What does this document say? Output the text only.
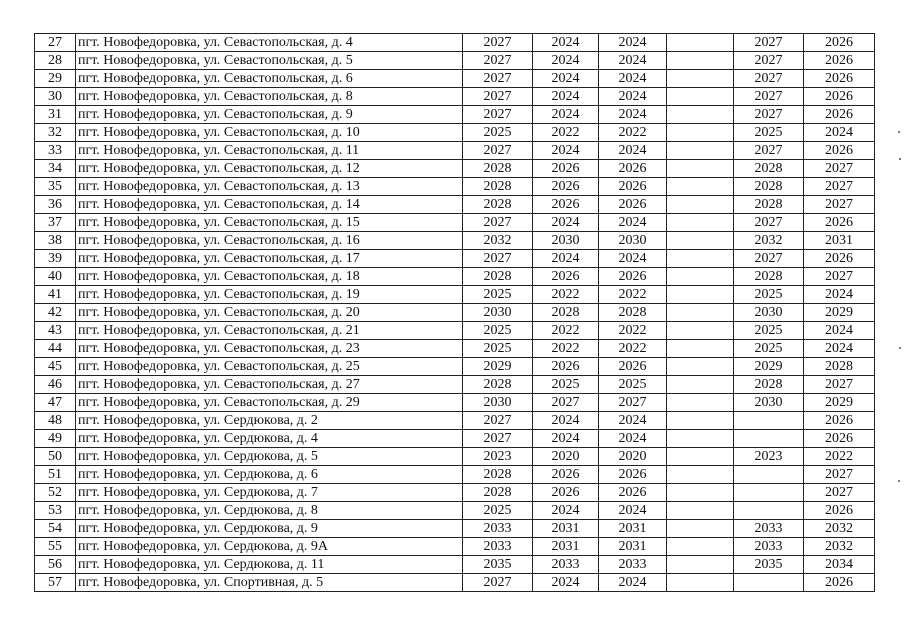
27	пгт. Новофедоровка, ул. Севастопольская, д. 4	2027	2024	2024		2027	2026
28	пгт. Новофедоровка, ул. Севастопольская, д. 5	2027	2024	2024		2027	2026
29	пгт. Новофедоровка, ул. Севастопольская, д. 6	2027	2024	2024		2027	2026
30	пгт. Новофедоровка, ул. Севастопольская, д. 8	2027	2024	2024		2027	2026
31	пгт. Новофедоровка, ул. Севастопольская, д. 9	2027	2024	2024		2027	2026
32	пгт. Новофедоровка, ул. Севастопольская, д. 10	2025	2022	2022		2025	2024
33	пгт. Новофедоровка, ул. Севастопольская, д. 11	2027	2024	2024		2027	2026
34	пгт. Новофедоровка, ул. Севастопольская, д. 12	2028	2026	2026		2028	2027
35	пгт. Новофедоровка, ул. Севастопольская, д. 13	2028	2026	2026		2028	2027
36	пгт. Новофедоровка, ул. Севастопольская, д. 14	2028	2026	2026		2028	2027
37	пгт. Новофедоровка, ул. Севастопольская, д. 15	2027	2024	2024		2027	2026
38	пгт. Новофедоровка, ул. Севастопольская, д. 16	2032	2030	2030		2032	2031
39	пгт. Новофедоровка, ул. Севастопольская, д. 17	2027	2024	2024		2027	2026
40	пгт. Новофедоровка, ул. Севастопольская, д. 18	2028	2026	2026		2028	2027
41	пгт. Новофедоровка, ул. Севастопольская, д. 19	2025	2022	2022		2025	2024
42	пгт. Новофедоровка, ул. Севастопольская, д. 20	2030	2028	2028		2030	2029
43	пгт. Новофедоровка, ул. Севастопольская, д. 21	2025	2022	2022		2025	2024
44	пгт. Новофедоровка, ул. Севастопольская, д. 23	2025	2022	2022		2025	2024
45	пгт. Новофедоровка, ул. Севастопольская, д. 25	2029	2026	2026		2029	2028
46	пгт. Новофедоровка, ул. Севастопольская, д. 27	2028	2025	2025		2028	2027
47	пгт. Новофедоровка, ул. Севастопольская, д. 29	2030	2027	2027		2030	2029
48	пгт. Новофедоровка, ул. Сердюкова, д. 2	2027	2024	2024			2026
49	пгт. Новофедоровка, ул. Сердюкова, д. 4	2027	2024	2024			2026
50	пгт. Новофедоровка, ул. Сердюкова, д. 5	2023	2020	2020		2023	2022
51	пгт. Новофедоровка, ул. Сердюкова, д. 6	2028	2026	2026			2027
52	пгт. Новофедоровка, ул. Сердюкова, д. 7	2028	2026	2026			2027
53	пгт. Новофедоровка, ул. Сердюкова, д. 8	2025	2024	2024			2026
54	пгт. Новофедоровка, ул. Сердюкова, д. 9	2033	2031	2031		2033	2032
55	пгт. Новофедоровка, ул. Сердюкова, д. 9А	2033	2031	2031		2033	2032
56	пгт. Новофедоровка, ул. Сердюкова, д. 11	2035	2033	2033		2035	2034
57	пгт. Новофедоровка, ул. Спортивная, д. 5	2027	2024	2024			2026
